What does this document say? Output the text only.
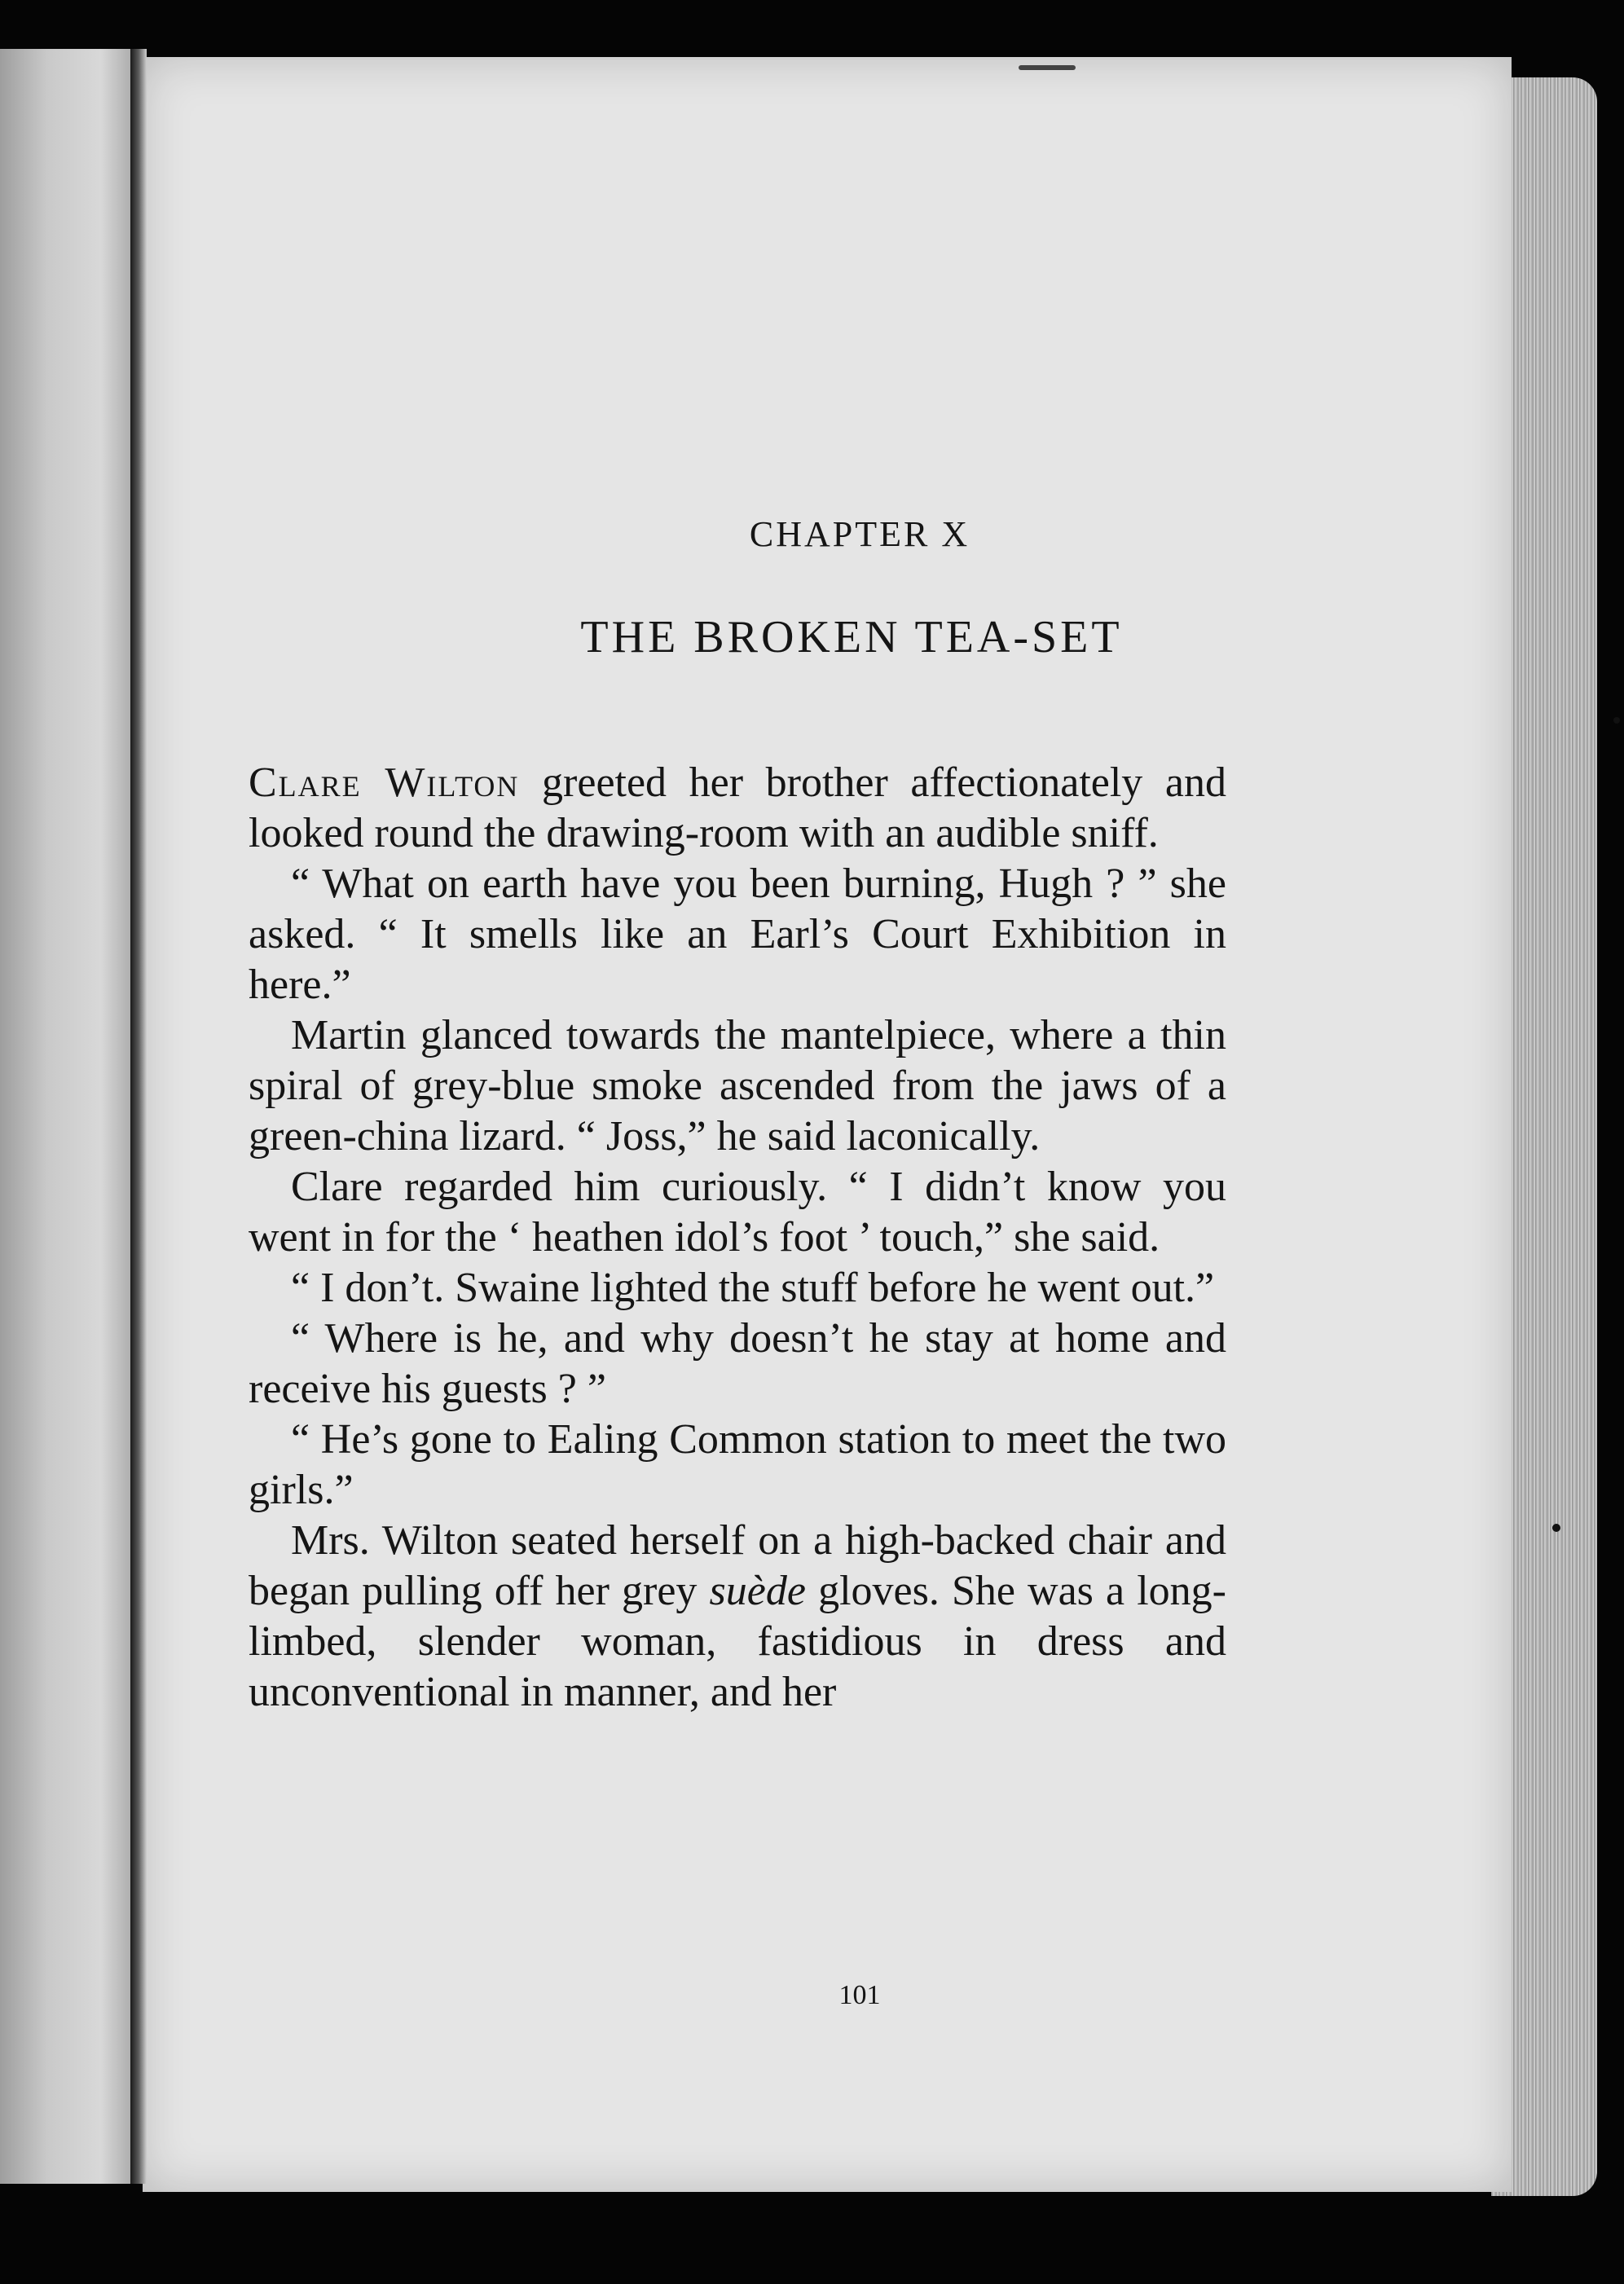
CHAPTER X
THE BROKEN TEA-SET

Clare Wilton greeted her brother affectionately and looked round the drawing-room with an audible sniff.

“ What on earth have you been burning, Hugh ? ” she asked. “ It smells like an Earl’s Court Exhibition in here.”

Martin glanced towards the mantelpiece, where a thin spiral of grey-blue smoke ascended from the jaws of a green-china lizard. “ Joss,” he said laconically.

Clare regarded him curiously. “ I didn’t know you went in for the ‘ heathen idol’s foot ’ touch,” she said.

“ I don’t. Swaine lighted the stuff before he went out.”

“ Where is he, and why doesn’t he stay at home and receive his guests ? ”

“ He’s gone to Ealing Common station to meet the two girls.”

Mrs. Wilton seated herself on a high-backed chair and began pulling off her grey suède gloves. She was a long-limbed, slender woman, fastidious in dress and unconventional in manner, and her

101
